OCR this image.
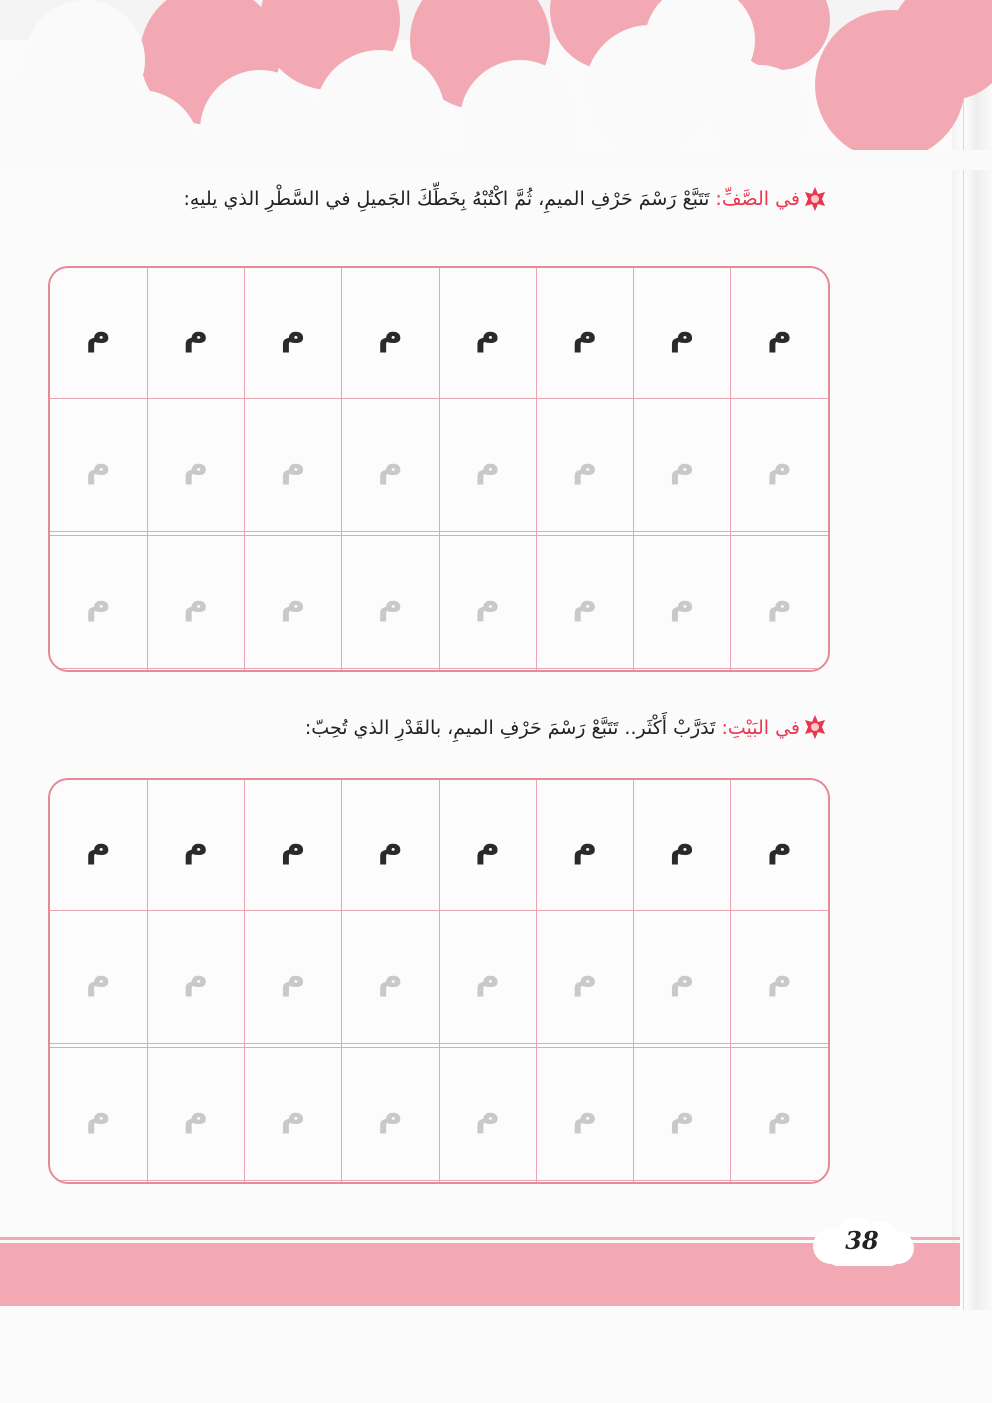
في الصَّفِّ: تَتَبَّعْ رَسْمَ حَرْفِ الميمِ، ثُمَّ اكْتُبْهُ بِخَطِّكَ الجَميلِ في السَّطْرِ الذي يليهِ:
م	م	م	م	م	م	م	م
م	م	م	م	م	م	م	م

م	م	م	م	م	م	م	م

في البَيْتِ: تَدَرَّبْ أَكْثَر.. تَتَبَّعْ رَسْمَ حَرْفِ الميمِ، بالقَدْرِ الذي تُحِبّ:
م	م	م	م	م	م	م	م
م	م	م	م	م	م	م	م

م	م	م	م	م	م	م	م

38
